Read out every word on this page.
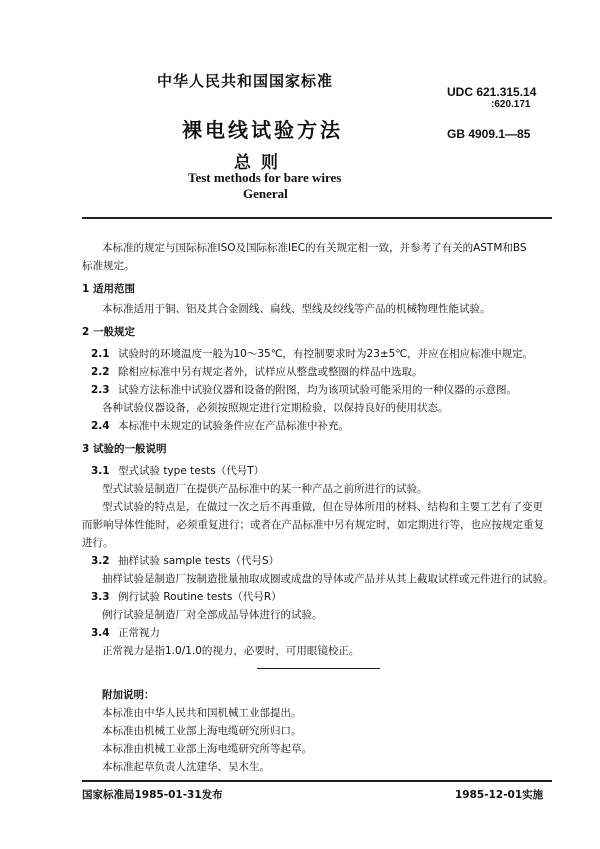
中华人民共和国国家标准
UDC 621.315.14
:620.171
GB 4909.1—85
裸电线试验方法
总则
Test methods for bare wires
General
本标准的规定与国际标准ISO及国际标准IEC的有关规定相一致，并参考了有关的ASTM和BS
标准规定。
1 适用范围
本标准适用于铜、铝及其合金圆线、扁线、型线及绞线等产品的机械物理性能试验。
2 一般规定
2.1 试验时的环境温度一般为10～35℃，有控制要求时为23±5℃，并应在相应标准中规定。
2.2 除相应标准中另有规定者外，试样应从整盘或整圈的样品中选取。
2.3 试验方法标准中试验仪器和设备的附图，均为该项试验可能采用的一种仪器的示意图。
各种试验仪器设备，必须按照规定进行定期检验，以保持良好的使用状态。
2.4 本标准中未规定的试验条件应在产品标准中补充。
3 试验的一般说明
3.1 型式试验 type tests（代号T）
型式试验是制造厂在提供产品标准中的某一种产品之前所进行的试验。
型式试验的特点是，在做过一次之后不再重做，但在导体所用的材料、结构和主要工艺有了变更
而影响导体性能时，必须重复进行；或者在产品标准中另有规定时，如定期进行等，也应按规定重复
进行。
3.2 抽样试验 sample tests（代号S）
抽样试验是制造厂按制造批量抽取成圈或成盘的导体或产品并从其上截取试样或元件进行的试验。
3.3 例行试验 Routine tests（代号R）
例行试验是制造厂对全部成品导体进行的试验。
3.4 正常视力
正常视力是指1.0/1.0的视力，必要时，可用眼镜校正。
附加说明：
本标准由中华人民共和国机械工业部提出。
本标准由机械工业部上海电缆研究所归口。
本标准由机械工业部上海电缆研究所等起草。
本标准起草负责人沈建华、吴木生。
国家标准局1985-01-31发布	1985-12-01实施
